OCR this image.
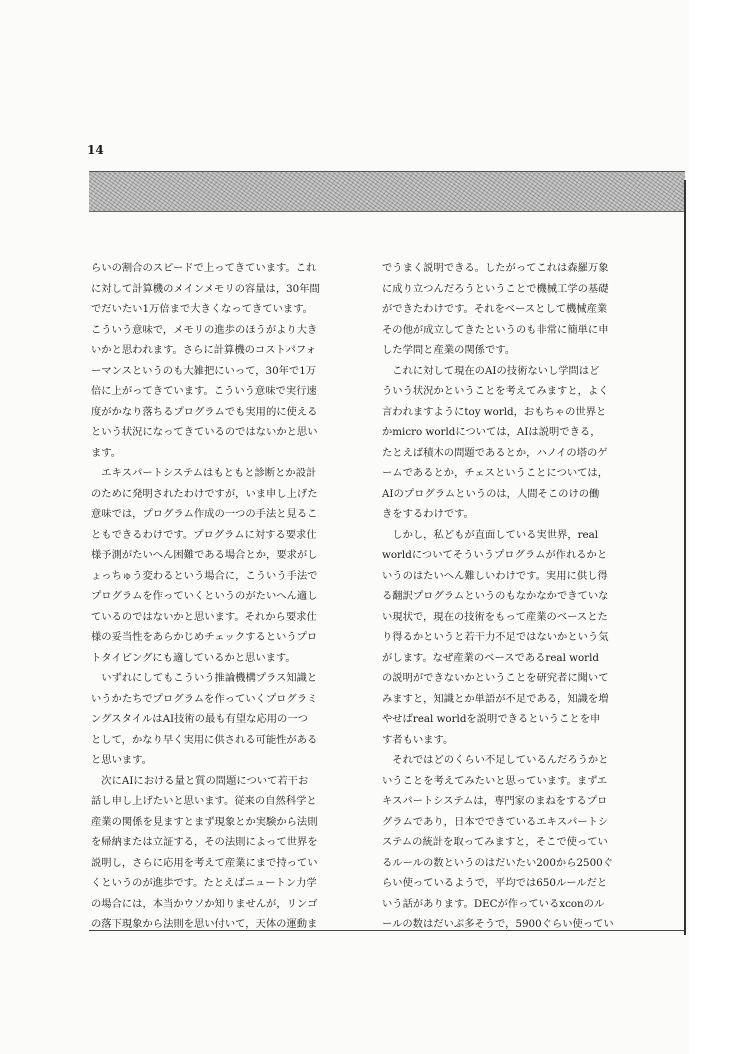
14

らいの割合のスピードで上ってきています。これ
に対して計算機のメインメモリの容量は，30年間
でだいたい1万倍まで大きくなってきています。
こういう意味で，メモリの進歩のほうがより大き
いかと思われます。さらに計算機のコストパフォ
ーマンスというのも大雑把にいって，30年で1万
倍に上がってきています。こういう意味で実行速
度がかなり落ちるプログラムでも実用的に使える
という状況になってきているのではないかと思い
ます。

　エキスパートシステムはもともと診断とか設計
のために発明されたわけですが，いま申し上げた
意味では，プログラム作成の一つの手法と見るこ
ともできるわけです。プログラムに対する要求仕
様予測がたいへん困難である場合とか，要求がし
ょっちゅう変わるという場合に，こういう手法で
プログラムを作っていくというのがたいへん適し
ているのではないかと思います。それから要求仕
様の妥当性をあらかじめチェックするというプロ
トタイピングにも適しているかと思います。

　いずれにしてもこういう推論機構プラス知識と
いうかたちでプログラムを作っていくプログラミ
ングスタイルはAI技術の最も有望な応用の一つ
として，かなり早く実用に供される可能性がある
と思います。

　次にAIにおける量と質の問題について若干お
話し申し上げたいと思います。従来の自然科学と
産業の関係を見ますとまず現象とか実験から法則
を帰納または立証する，その法則によって世界を
説明し，さらに応用を考えて産業にまで持ってい
くというのが進歩です。たとえばニュートン力学
の場合には，本当かウソか知りませんが，リンゴ
の落下現象から法則を思い付いて，天体の運動ま

でうまく説明できる。したがってこれは森羅万象
に成り立つんだろうということで機械工学の基礎
ができたわけです。それをベースとして機械産業
その他が成立してきたというのも非常に簡単に申
した学問と産業の関係です。

　これに対して現在のAIの技術ないし学問はど
ういう状況かということを考えてみますと，よく
言われますようにtoy world，おもちゃの世界と
かmicro worldについては，AIは説明できる，
たとえば積木の問題であるとか，ハノイの塔のゲ
ームであるとか，チェスということについては，
AIのプログラムというのは，人間そこのけの働
きをするわけです。

　しかし，私どもが直面している実世界，real
worldについてそういうプログラムが作れるかと
いうのはたいへん難しいわけです。実用に供し得
る翻訳プログラムというのもなかなかできていな
い現状で，現在の技術をもって産業のベースとた
り得るかというと若干力不足ではないかという気
がします。なぜ産業のベースであるreal world
の説明ができないかということを研究者に聞いて
みますと，知識とか単語が不足である，知識を増
やせばreal worldを説明できるということを申
す者もいます。

　それではどのくらい不足しているんだろうかと
いうことを考えてみたいと思っています。まずエ
キスパートシステムは，専門家のまねをするプロ
グラムであり，日本でできているエキスパートシ
ステムの統計を取ってみますと，そこで使ってい
るルールの数というのはだいたい200から2500ぐ
らい使っているようで，平均では650ルールだと
いう話があります。DECが作っているxconのル
ールの数はだいぶ多そうで，5900ぐらい使ってい
